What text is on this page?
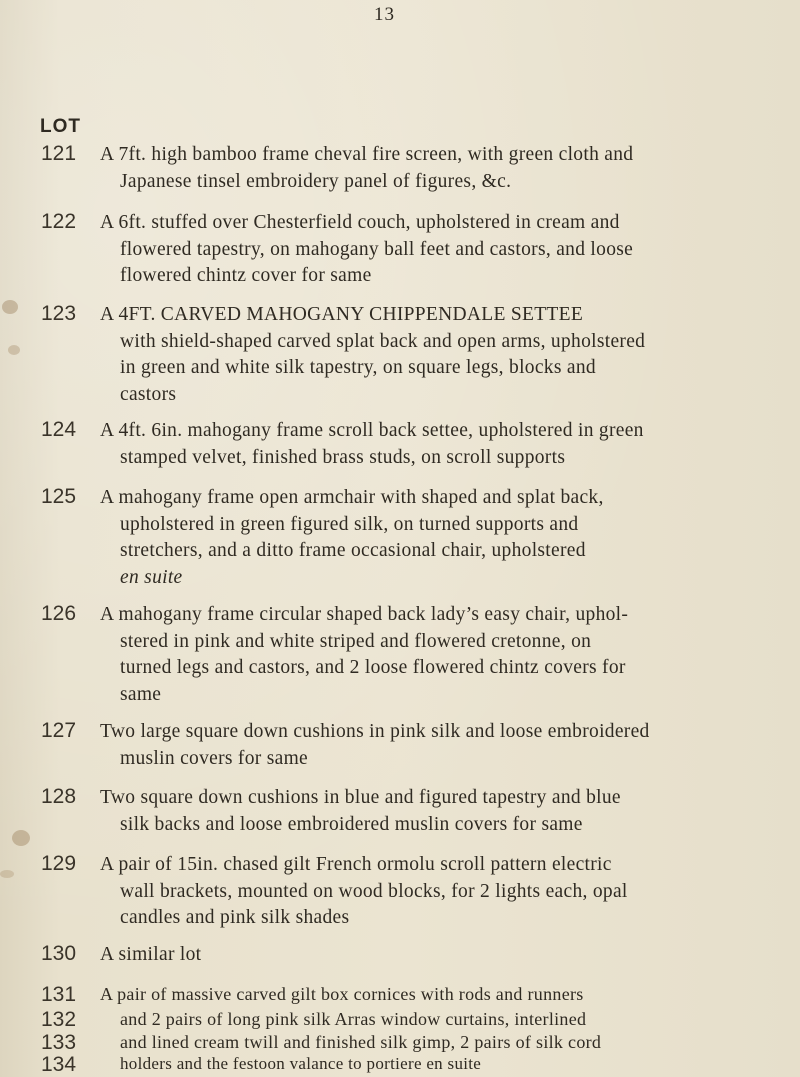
13
LOT
121 A 7ft. high bamboo frame cheval fire screen, with green cloth and
Japanese tinsel embroidery panel of figures, &c.
122 A 6ft. stuffed over Chesterfield couch, upholstered in cream and
flowered tapestry, on mahogany ball feet and castors, and loose
flowered chintz cover for same
123 A 4FT. CARVED MAHOGANY CHIPPENDALE SETTEE
with shield-shaped carved splat back and open arms, upholstered
in green and white silk tapestry, on square legs, blocks and
castors
124 A 4ft. 6in. mahogany frame scroll back settee, upholstered in green
stamped velvet, finished brass studs, on scroll supports
125 A mahogany frame open armchair with shaped and splat back,
upholstered in green figured silk, on turned supports and
stretchers, and a ditto frame occasional chair, upholstered
en suite
126 A mahogany frame circular shaped back lady’s easy chair, uphol-
stered in pink and white striped and flowered cretonne, on
turned legs and castors, and 2 loose flowered chintz covers for
same
127 Two large square down cushions in pink silk and loose embroidered
muslin covers for same
128 Two square down cushions in blue and figured tapestry and blue
silk backs and loose embroidered muslin covers for same
129 A pair of 15in. chased gilt French ormolu scroll pattern electric
wall brackets, mounted on wood blocks, for 2 lights each, opal
candles and pink silk shades
130 A similar lot
131 A pair of massive carved gilt box cornices with rods and runners
132	and 2 pairs of long pink silk Arras window curtains, interlined
133	and lined cream twill and finished silk gimp, 2 pairs of silk cord
134	holders and the festoon valance to portiere en suite
